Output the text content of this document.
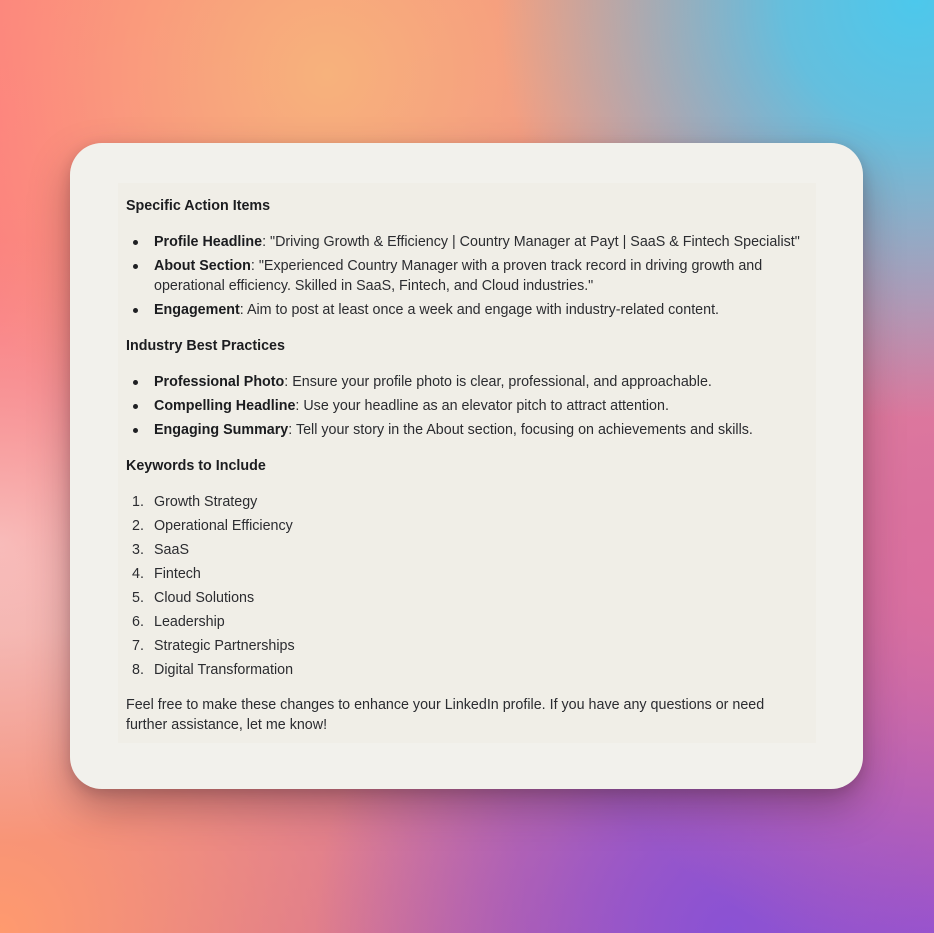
Specific Action Items
Profile Headline: "Driving Growth & Efficiency | Country Manager at Payt | SaaS & Fintech Specialist"
About Section: "Experienced Country Manager with a proven track record in driving growth and operational efficiency. Skilled in SaaS, Fintech, and Cloud industries."
Engagement: Aim to post at least once a week and engage with industry-related content.
Industry Best Practices
Professional Photo: Ensure your profile photo is clear, professional, and approachable.
Compelling Headline: Use your headline as an elevator pitch to attract attention.
Engaging Summary: Tell your story in the About section, focusing on achievements and skills.
Keywords to Include
1. Growth Strategy
2. Operational Efficiency
3. SaaS
4. Fintech
5. Cloud Solutions
6. Leadership
7. Strategic Partnerships
8. Digital Transformation
Feel free to make these changes to enhance your LinkedIn profile. If you have any questions or need further assistance, let me know!
